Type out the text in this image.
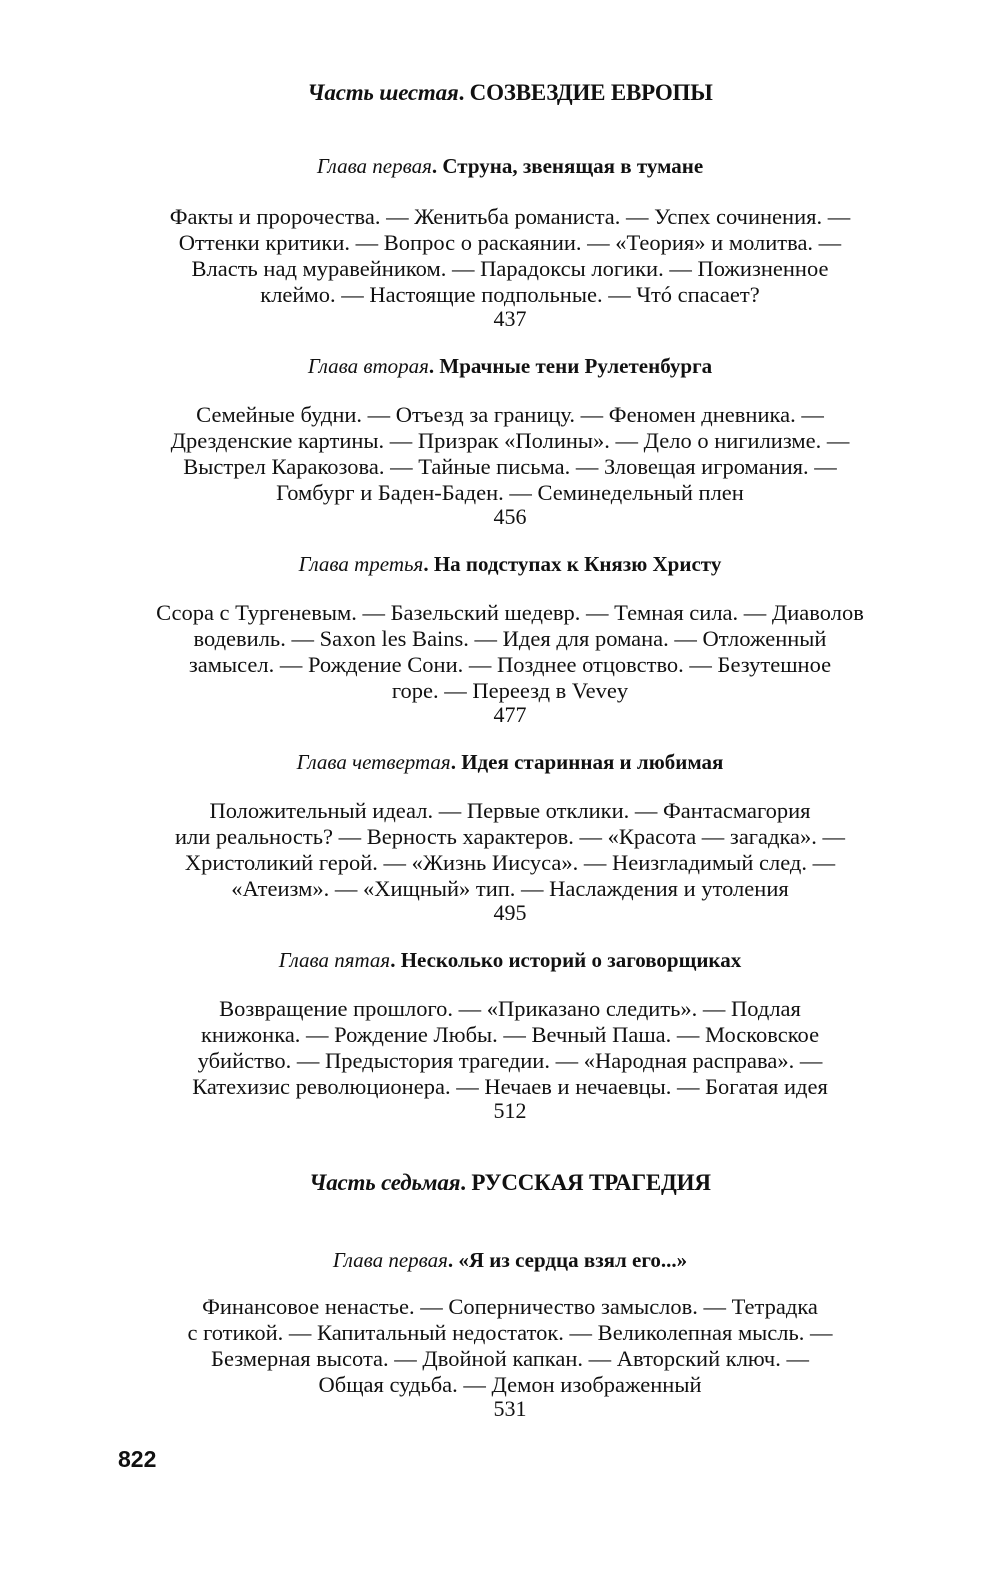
Часть шестая. СОЗВЕЗДИЕ ЕВРОПЫ
Глава первая. Струна, звенящая в тумане
Факты и пророчества. — Женитьба романиста. — Успех сочинения. —
Оттенки критики. — Вопрос о раскаянии. — «Теория» и молитва. —
Власть над муравейником. — Парадоксы логики. — Пожизненное
клеймо. — Настоящие подпольные. — Чтó спасает?
437
Глава вторая. Мрачные тени Рулетенбурга
Семейные будни. — Отъезд за границу. — Феномен дневника. —
Дрезденские картины. — Призрак «Полины». — Дело о нигилизме. —
Выстрел Каракозова. — Тайные письма. — Зловещая игромания. —
Гомбург и Баден-Баден. — Семинедельный плен
456
Глава третья. На подступах к Князю Христу
Ссора с Тургеневым. — Базельский шедевр. — Темная сила. — Диаволов
водевиль. — Saxon les Bains. — Идея для романа. — Отложенный
замысел. — Рождение Сони. — Позднее отцовство. — Безутешное
горе. — Переезд в Vevey
477
Глава четвертая. Идея старинная и любимая
Положительный идеал. — Первые отклики. — Фантасмагория
или реальность? — Верность характеров. — «Красота — загадка». —
Христоликий герой. — «Жизнь Иисуса». — Неизгладимый след. —
«Атеизм». — «Хищный» тип. — Наслаждения и утоления
495
Глава пятая. Несколько историй о заговорщиках
Возвращение прошлого. — «Приказано следить». — Подлая
книжонка. — Рождение Любы. — Вечный Паша. — Московское
убийство. — Предыстория трагедии. — «Народная расправа». —
Катехизис революционера. — Нечаев и нечаевцы. — Богатая идея
512
Часть седьмая. РУССКАЯ ТРАГЕДИЯ
Глава первая. «Я из сердца взял его...»
Финансовое ненастье. — Соперничество замыслов. — Тетрадка
с готикой. — Капитальный недостаток. — Великолепная мысль. —
Безмерная высота. — Двойной капкан. — Авторский ключ. —
Общая судьба. — Демон изображенный
531
822
